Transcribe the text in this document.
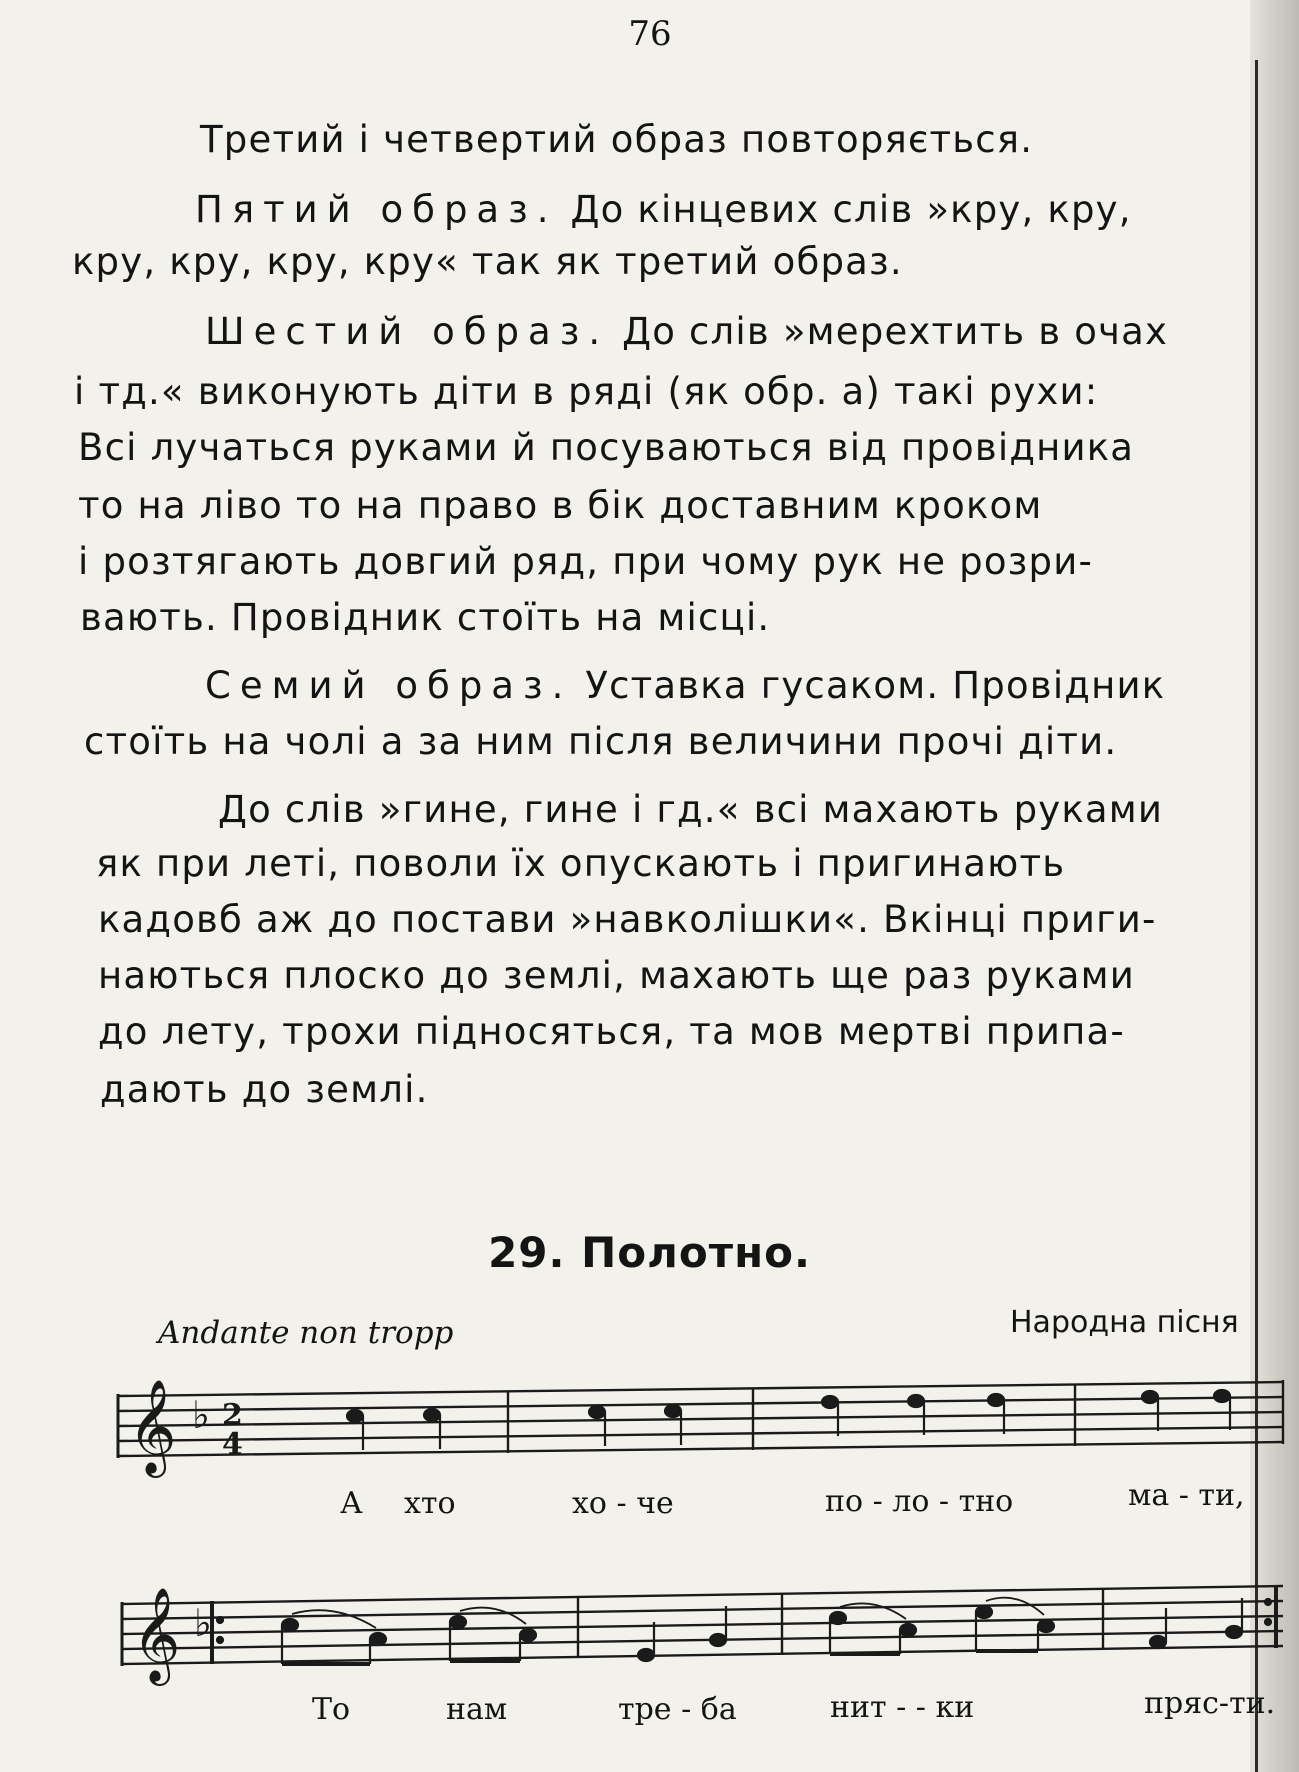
76
Третий і четвертий образ повторяється.
Пятий образ. До кінцевих слів »кру, кру,
кру, кру, кру, кру« так як третий образ.
Шестий образ. До слів »мерехтить в очах
і тд.« виконують діти в ряді (як обр. а) такі рухи:
Всі лучаться руками й посуваються від провідника
то на ліво то на право в бік доставним кроком
і розтягають довгий ряд, при чому рук не розри-
вають. Провідник стоїть на місці.
Семий образ. Уставка гусаком. Провідник
стоїть на чолі а за ним після величини прочі діти.
До слів »гине, гине і гд.« всі махають руками
як при леті, поволи їх опускають і пригинають
кадовб аж до постави »навколішки«. Вкінці приги-
наються плоско до землі, махають ще раз руками
до лету, трохи підносяться, та мов мертві припа-
дають до землі.
29. Полотно.
Andante non tropp	Народна пісня
𝄞 ♭ 2
4
𝄞 ♭
А хто	хо - че	по - ло - тно	ма - ти,
То	нам	тре - ба	нит - - ки	пряс-ти.
